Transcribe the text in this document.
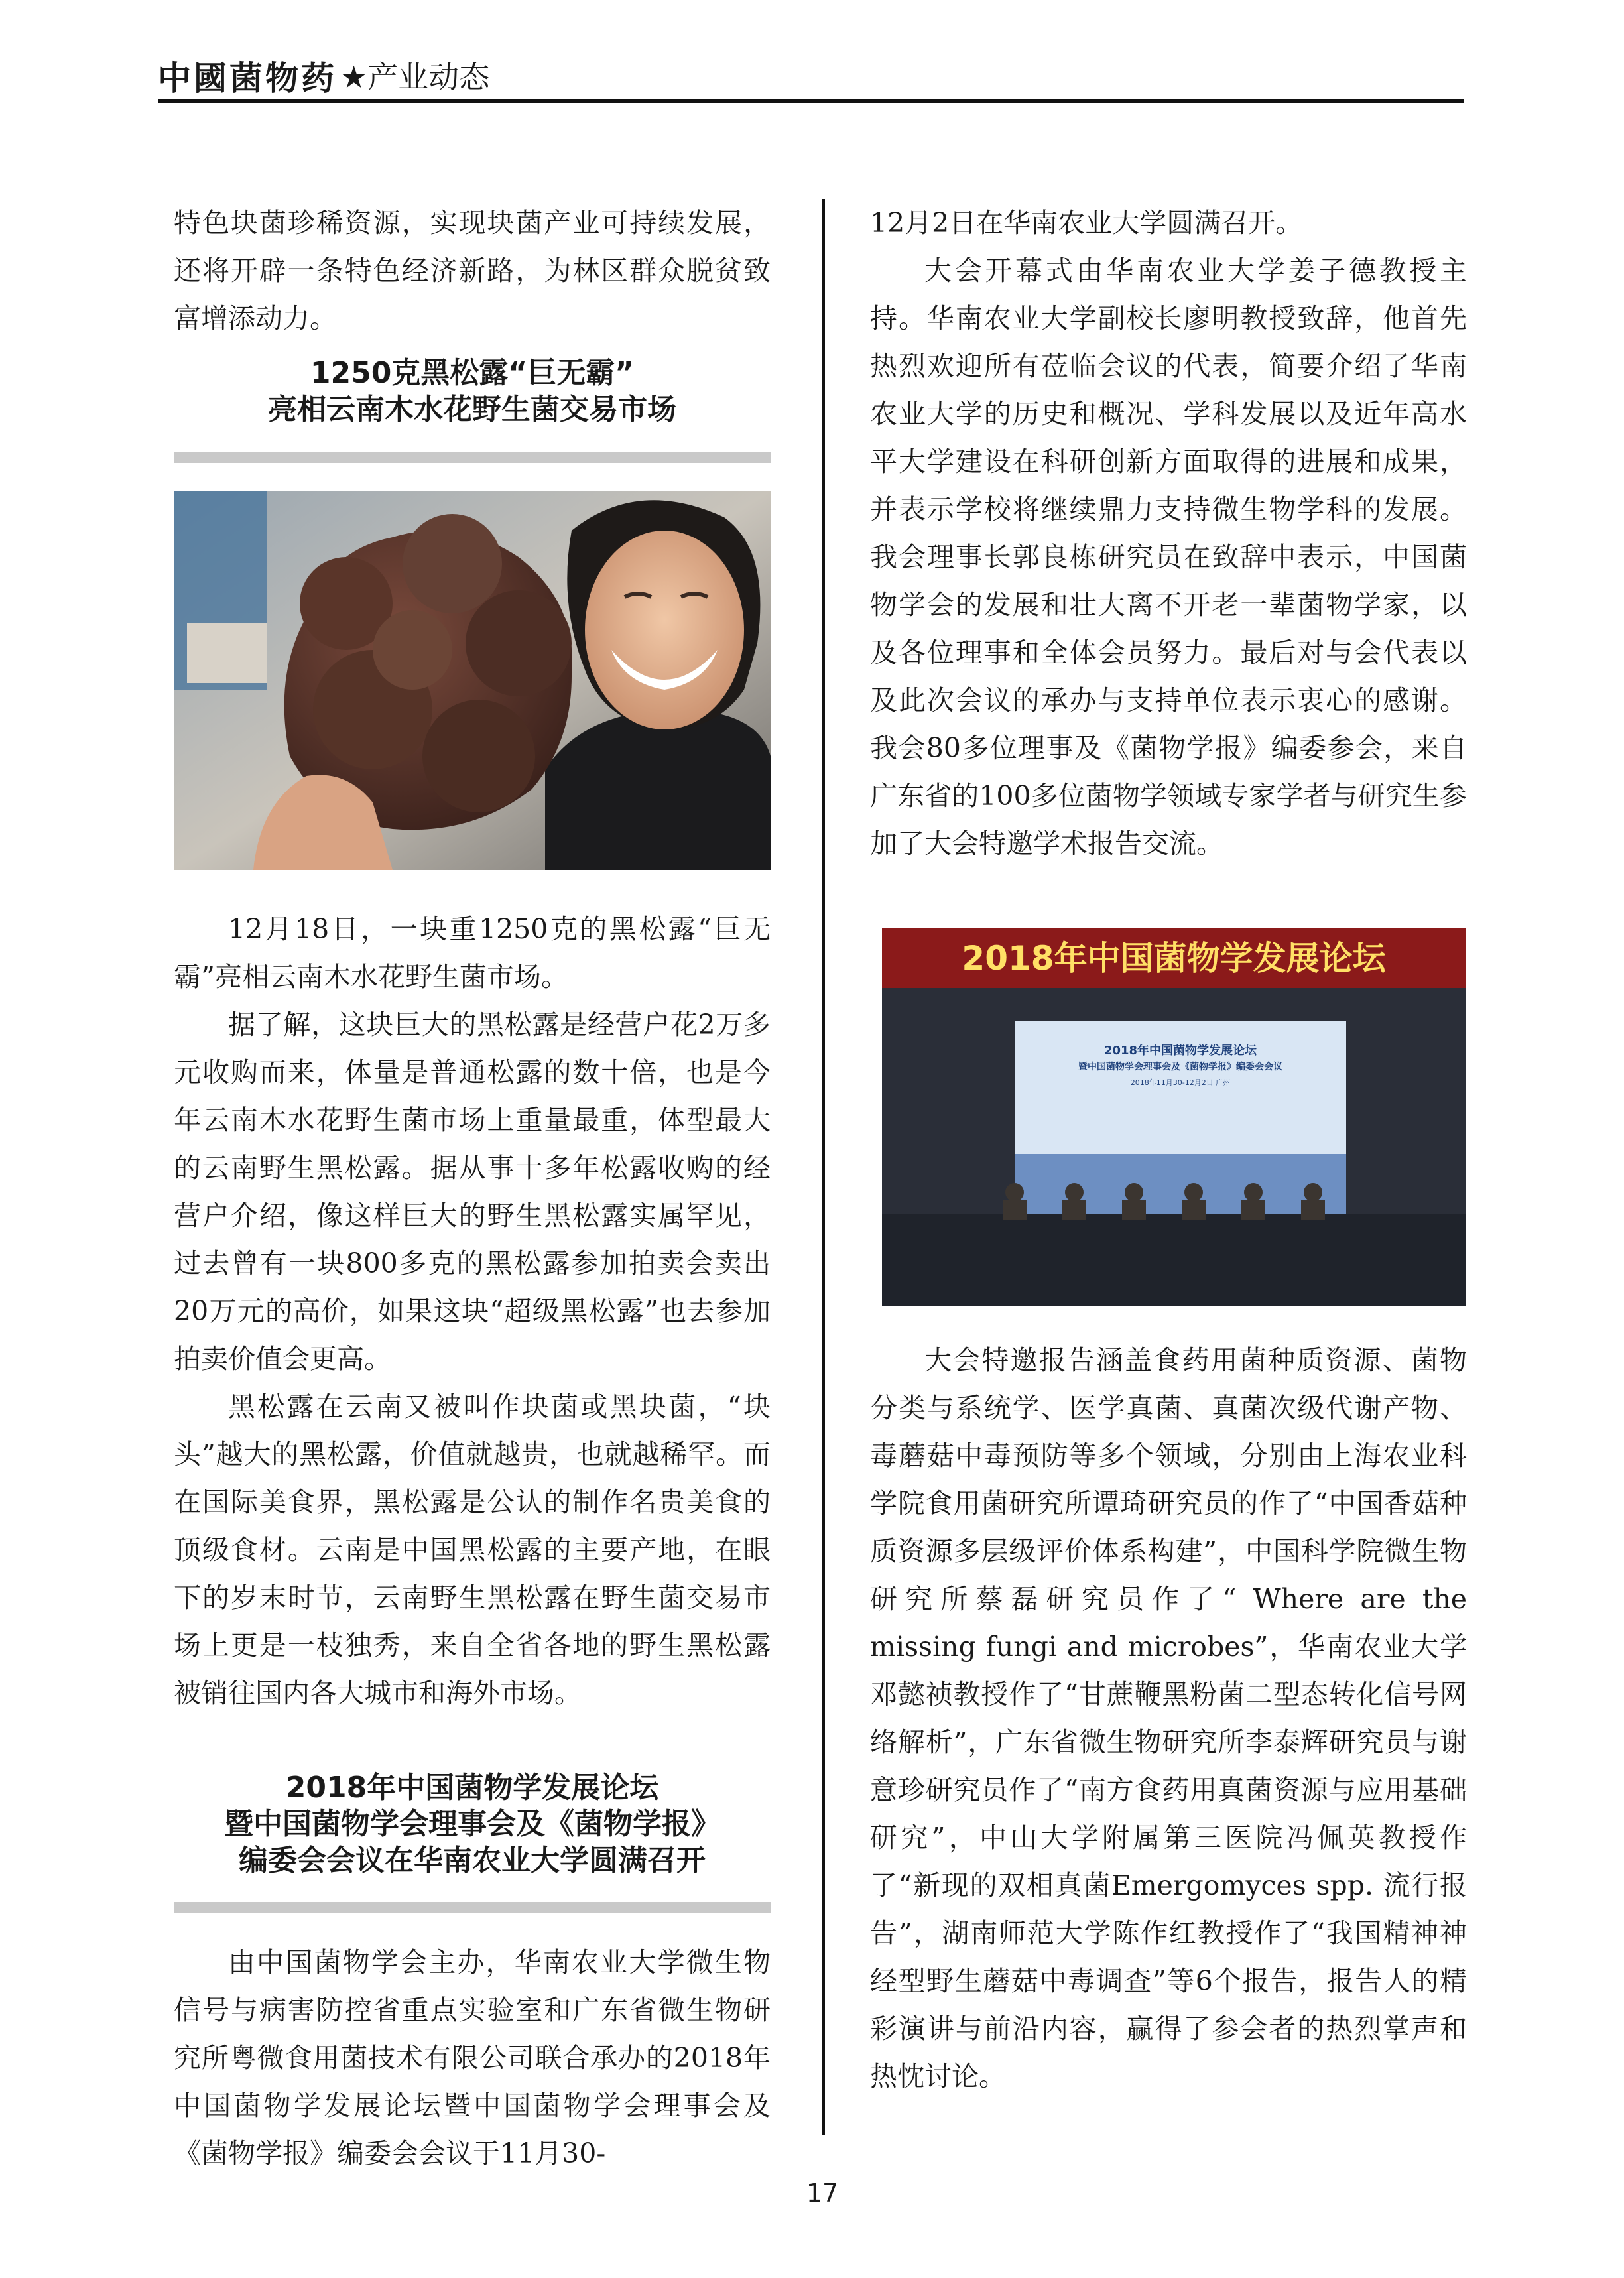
中國菌物药 ★产业动态

特色块菌珍稀资源，实现块菌产业可持续发展，还将开辟一条特色经济新路，为林区群众脱贫致富增添动力。

1250克黑松露“巨无霸”
亮相云南木水花野生菌交易市场

12月18日，一块重1250克的黑松露“巨无霸”亮相云南木水花野生菌市场。

据了解，这块巨大的黑松露是经营户花2万多元收购而来，体量是普通松露的数十倍，也是今年云南木水花野生菌市场上重量最重，体型最大的云南野生黑松露。据从事十多年松露收购的经营户介绍，像这样巨大的野生黑松露实属罕见，过去曾有一块800多克的黑松露参加拍卖会卖出20万元的高价，如果这块“超级黑松露”也去参加拍卖价值会更高。

黑松露在云南又被叫作块菌或黑块菌，“块头”越大的黑松露，价值就越贵，也就越稀罕。而在国际美食界，黑松露是公认的制作名贵美食的顶级食材。云南是中国黑松露的主要产地，在眼下的岁末时节，云南野生黑松露在野生菌交易市场上更是一枝独秀，来自全省各地的野生黑松露被销往国内各大城市和海外市场。

2018年中国菌物学发展论坛
暨中国菌物学会理事会及《菌物学报》
编委会会议在华南农业大学圆满召开

由中国菌物学会主办，华南农业大学微生物信号与病害防控省重点实验室和广东省微生物研究所粤微食用菌技术有限公司联合承办的2018年中国菌物学发展论坛暨中国菌物学会理事会及《菌物学报》编委会会议于11月30-

12月2日在华南农业大学圆满召开。

大会开幕式由华南农业大学姜子德教授主持。华南农业大学副校长廖明教授致辞，他首先热烈欢迎所有莅临会议的代表，简要介绍了华南农业大学的历史和概况、学科发展以及近年高水平大学建设在科研创新方面取得的进展和成果，并表示学校将继续鼎力支持微生物学科的发展。我会理事长郭良栋研究员在致辞中表示，中国菌物学会的发展和壮大离不开老一辈菌物学家，以及各位理事和全体会员努力。最后对与会代表以及此次会议的承办与支持单位表示衷心的感谢。我会80多位理事及《菌物学报》编委参会，来自广东省的100多位菌物学领域专家学者与研究生参加了大会特邀学术报告交流。

2018年中国菌物学发展论坛
2018年中国菌物学发展论坛
暨中国菌物学会理事会及《菌物学报》编委会会议
2018年11月30-12月2日 广州

大会特邀报告涵盖食药用菌种质资源、菌物分类与系统学、医学真菌、真菌次级代谢产物、毒蘑菇中毒预防等多个领域，分别由上海农业科学院食用菌研究所谭琦研究员的作了“中国香菇种质资源多层级评价体系构建”，中国科学院微生物研究所蔡磊研究员作了“ Where are the missing fungi and microbes”，华南农业大学邓懿祯教授作了“甘蔗鞭黑粉菌二型态转化信号网络解析”，广东省微生物研究所李泰辉研究员与谢意珍研究员作了“南方食药用真菌资源与应用基础研究”，中山大学附属第三医院冯佩英教授作了“新现的双相真菌Emergomyces spp. 流行报告”，湖南师范大学陈作红教授作了“我国精神神经型野生蘑菇中毒调查”等6个报告，报告人的精彩演讲与前沿内容，赢得了参会者的热烈掌声和热忱讨论。

17
